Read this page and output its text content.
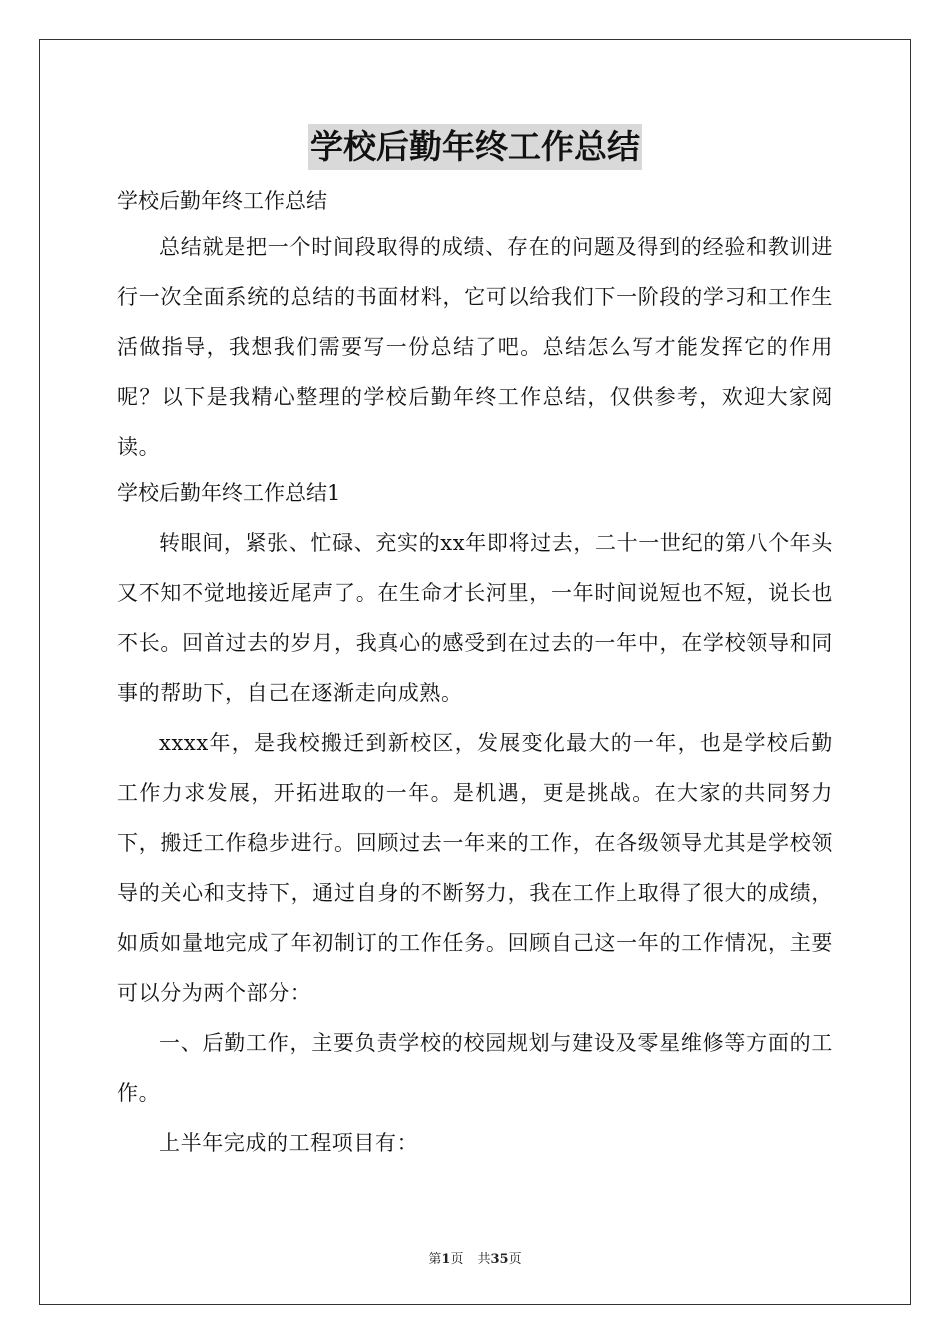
学校后勤年终工作总结

学校后勤年终工作总结

总结就是把一个时间段取得的成绩、存在的问题及得到的经验和教训进行一次全面系统的总结的书面材料，它可以给我们下一阶段的学习和工作生活做指导，我想我们需要写一份总结了吧。总结怎么写才能发挥它的作用呢？以下是我精心整理的学校后勤年终工作总结，仅供参考，欢迎大家阅读。

学校后勤年终工作总结1

转眼间，紧张、忙碌、充实的xx年即将过去，二十一世纪的第八个年头又不知不觉地接近尾声了。在生命才长河里，一年时间说短也不短，说长也不长。回首过去的岁月，我真心的感受到在过去的一年中，在学校领导和同事的帮助下，自己在逐渐走向成熟。

xxxx年，是我校搬迁到新校区，发展变化最大的一年，也是学校后勤工作力求发展，开拓进取的一年。是机遇，更是挑战。在大家的共同努力下，搬迁工作稳步进行。回顾过去一年来的工作，在各级领导尤其是学校领导的关心和支持下，通过自身的不断努力，我在工作上取得了很大的成绩，如质如量地完成了年初制订的工作任务。回顾自己这一年的工作情况，主要可以分为两个部分：

一、后勤工作，主要负责学校的校园规划与建设及零星维修等方面的工作。

上半年完成的工程项目有：

第1页 共35页
